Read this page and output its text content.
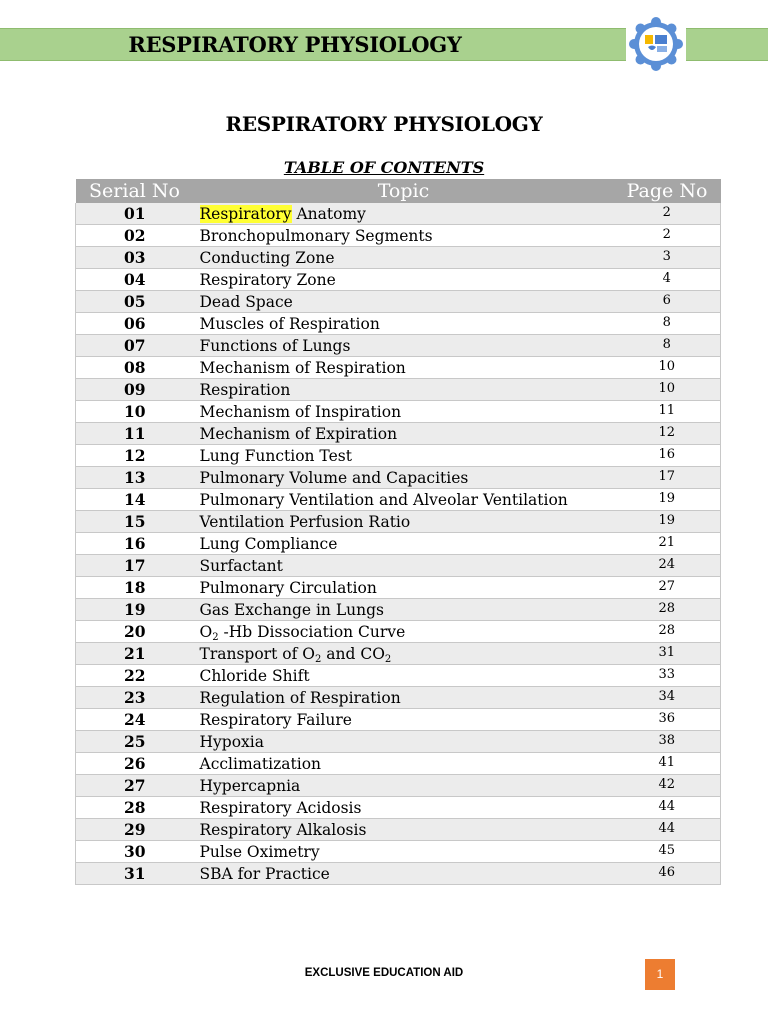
RESPIRATORY PHYSIOLOGY
RESPIRATORY PHYSIOLOGY
TABLE OF CONTENTS
Serial No	Topic	Page No
01	Respiratory Anatomy	2
02	Bronchopulmonary Segments	2
03	Conducting Zone	3
04	Respiratory Zone	4
05	Dead Space	6
06	Muscles of Respiration	8
07	Functions of Lungs	8
08	Mechanism of Respiration	10
09	Respiration	10
10	Mechanism of Inspiration	11
11	Mechanism of Expiration	12
12	Lung Function Test	16
13	Pulmonary Volume and Capacities	17
14	Pulmonary Ventilation and Alveolar Ventilation	19
15	Ventilation Perfusion Ratio	19
16	Lung Compliance	21
17	Surfactant	24
18	Pulmonary Circulation	27
19	Gas Exchange in Lungs	28
20	$O_2$ -Hb Dissociation Curve	28
21	Transport of $O_2$ and $CO_2$	31
22	Chloride Shift	33
23	Regulation of Respiration	34
24	Respiratory Failure	36
25	Hypoxia	38
26	Acclimatization	41
27	Hypercapnia	42
28	Respiratory Acidosis	44
29	Respiratory Alkalosis	44
30	Pulse Oximetry	45
31	SBA for Practice	46
EXCLUSIVE EDUCATION AID	1
